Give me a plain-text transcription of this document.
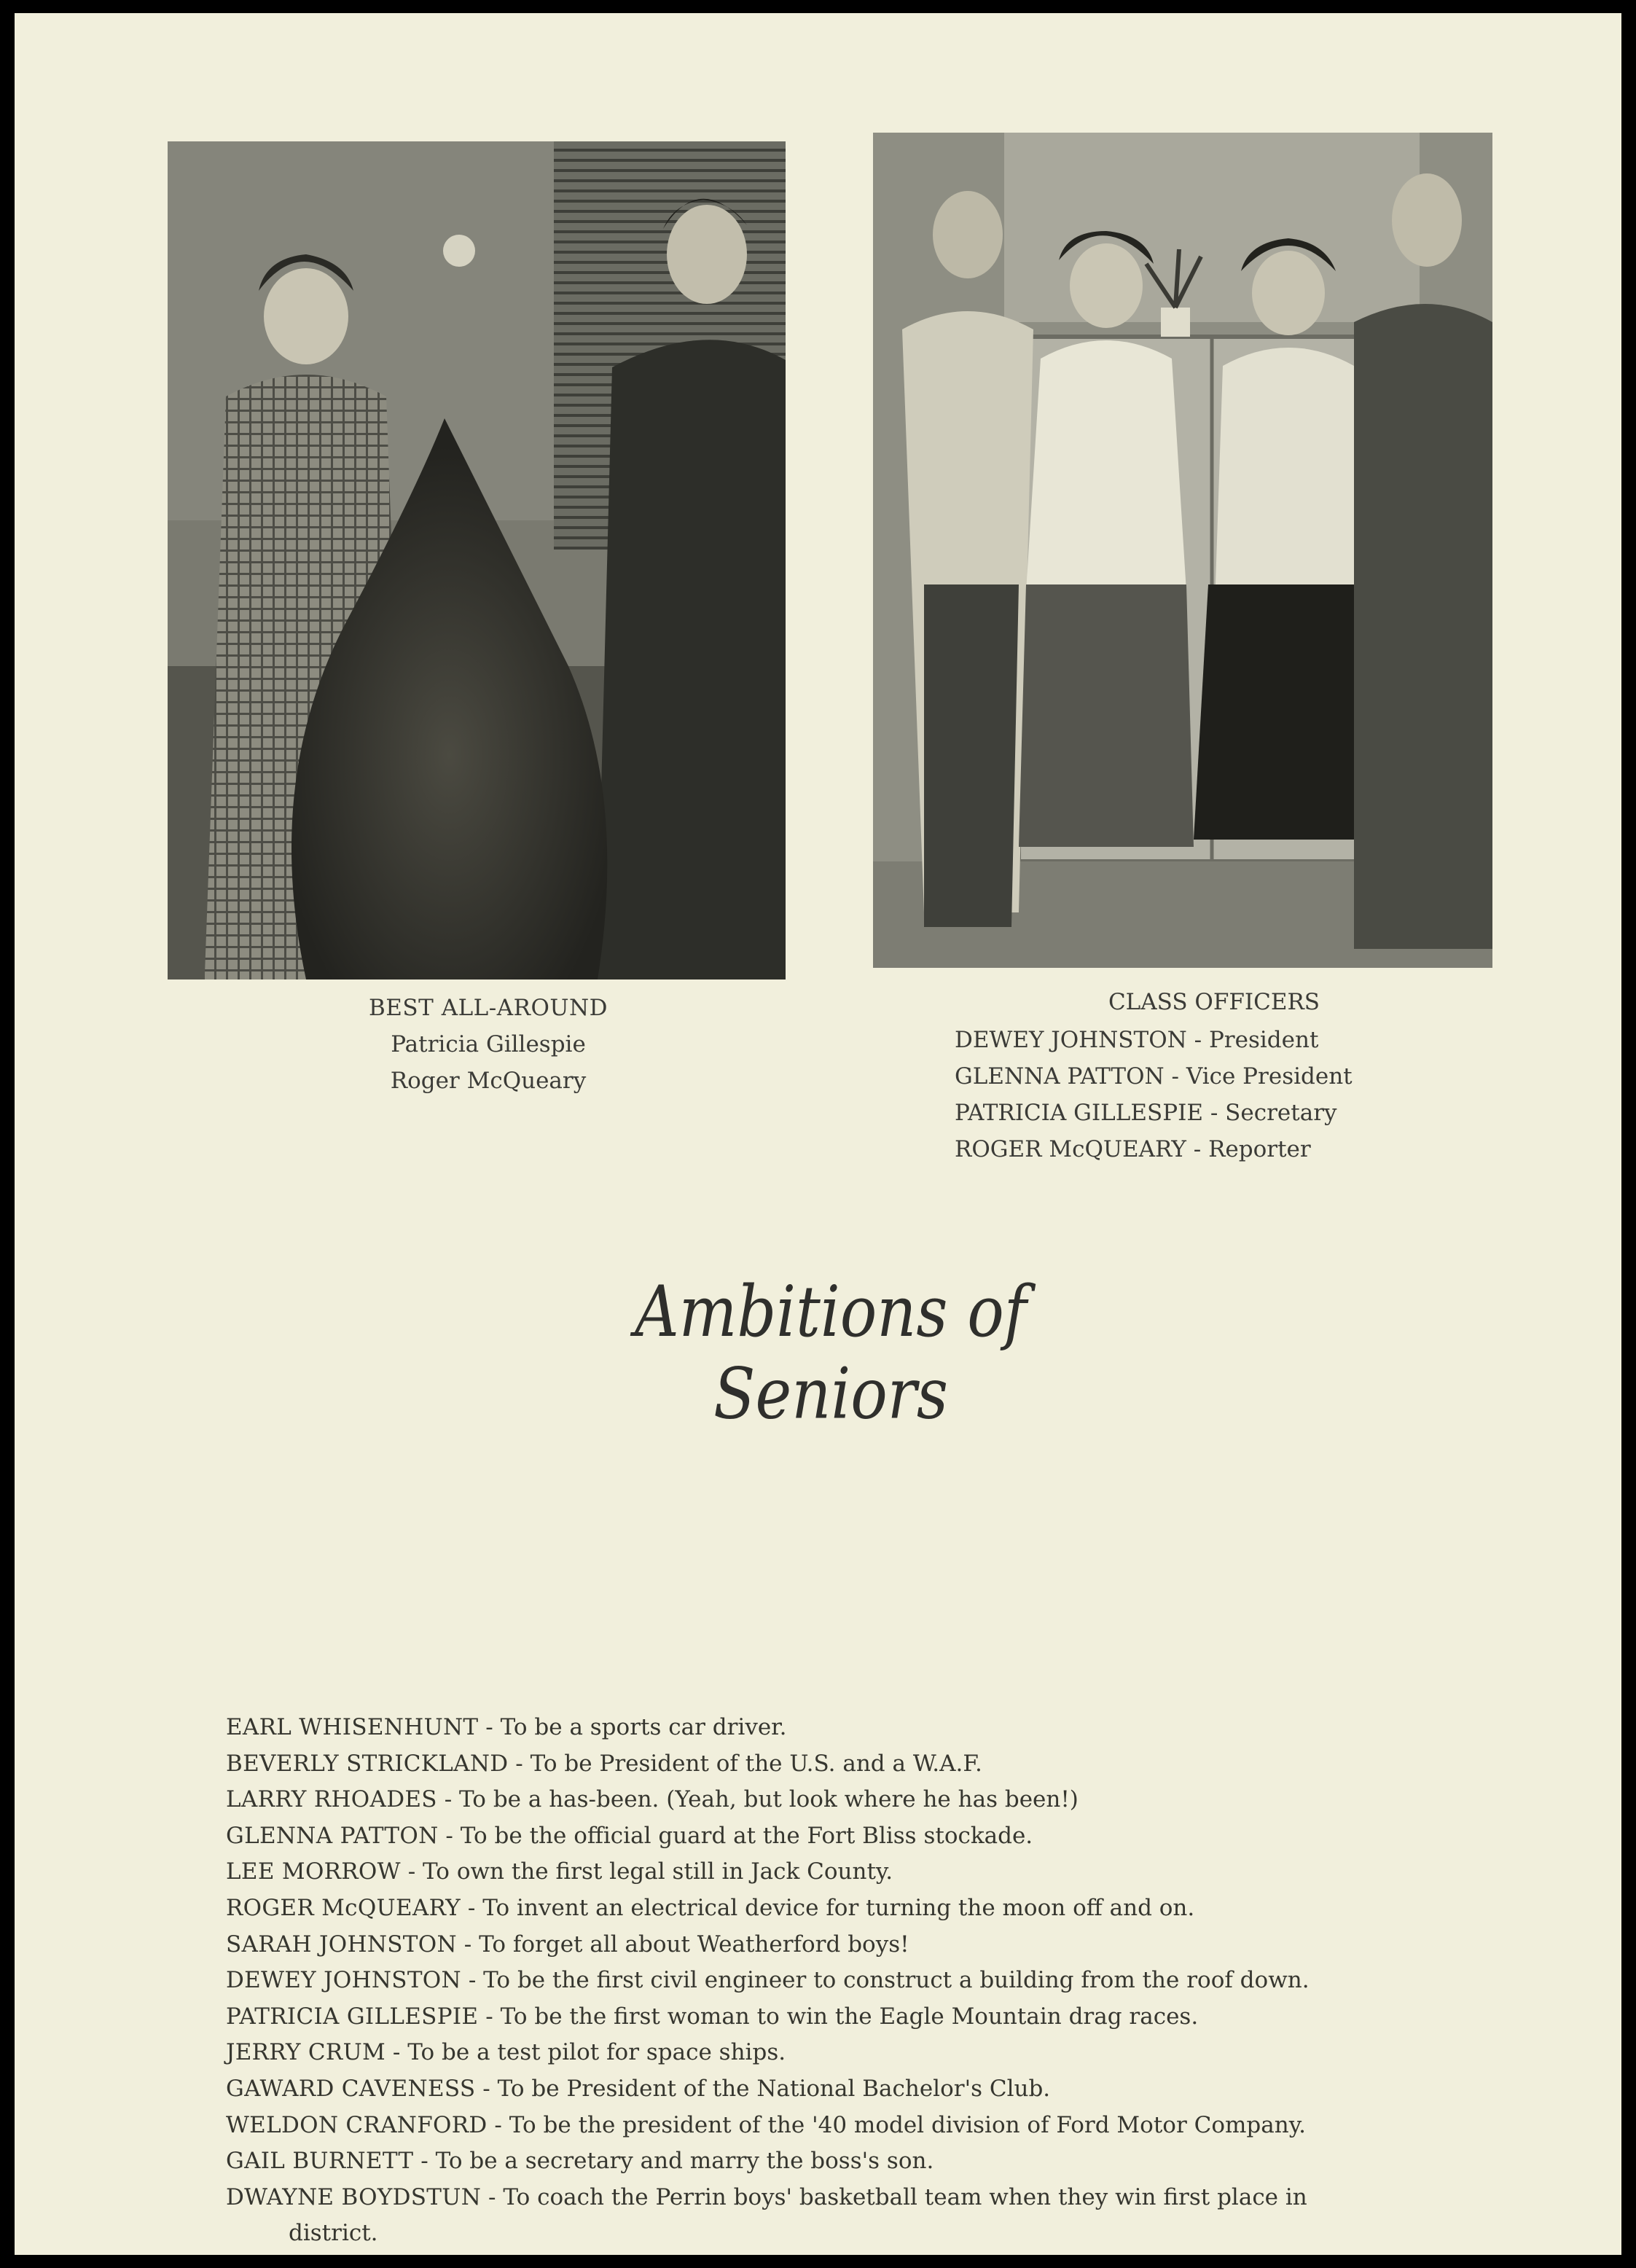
BEST ALL-AROUND
Patricia Gillespie
Roger McQueary
CLASS OFFICERS
DEWEY JOHNSTON - President
GLENNA PATTON - Vice President
PATRICIA GILLESPIE - Secretary
ROGER McQUEARY - Reporter
Ambitions of Seniors
EARL WHISENHUNT - To be a sports car driver.
BEVERLY STRICKLAND - To be President of the U.S. and a W.A.F.
LARRY RHOADES - To be a has-been. (Yeah, but look where he has been!)
GLENNA PATTON - To be the official guard at the Fort Bliss stockade.
LEE MORROW - To own the first legal still in Jack County.
ROGER McQUEARY - To invent an electrical device for turning the moon off and on.
SARAH JOHNSTON - To forget all about Weatherford boys!
DEWEY JOHNSTON - To be the first civil engineer to construct a building from the roof down.
PATRICIA GILLESPIE - To be the first woman to win the Eagle Mountain drag races.
JERRY CRUM - To be a test pilot for space ships.
GAWARD CAVENESS - To be President of the National Bachelor's Club.
WELDON CRANFORD - To be the president of the '40 model division of Ford Motor Company.
GAIL BURNETT - To be a secretary and marry the boss's son.
DWAYNE BOYDSTUN - To coach the Perrin boys' basketball team when they win first place in
district.
